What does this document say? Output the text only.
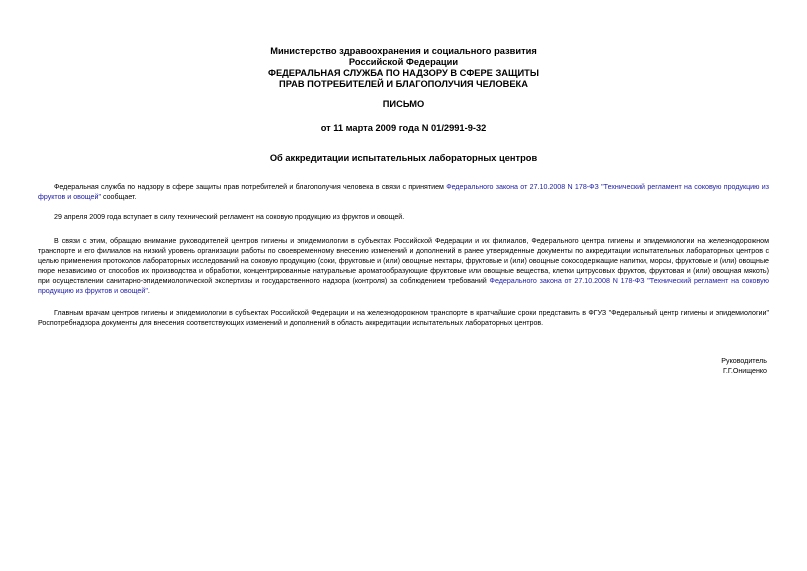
Министерство здравоохранения и социального развития
Российской Федерации
ФЕДЕРАЛЬНАЯ СЛУЖБА ПО НАДЗОРУ В СФЕРЕ ЗАЩИТЫ
ПРАВ ПОТРЕБИТЕЛЕЙ И БЛАГОПОЛУЧИЯ ЧЕЛОВЕКА
ПИСЬМО
от 11 марта 2009 года N 01/2991-9-32
Об аккредитации испытательных лабораторных центров

Федеральная служба по надзору в сфере защиты прав потребителей и благополучия человека в связи с принятием Федерального закона от 27.10.2008 N 178-ФЗ "Технический регламент на соковую продукцию из фруктов и овощей" сообщает.

29 апреля 2009 года вступает в силу технический регламент на соковую продукцию из фруктов и овощей.

В связи с этим, обращаю внимание руководителей центров гигиены и эпидемиологии в субъектах Российской Федерации и их филиалов, Федерального центра гигиены и эпидемиологии на железнодорожном транспорте и его филиалов на низкий уровень организации работы по своевременному внесению изменений и дополнений в ранее утвержденные документы по аккредитации испытательных лабораторных центров с целью применения протоколов лабораторных исследований на соковую продукцию (соки, фруктовые и (или) овощные нектары, фруктовые и (или) овощные сокосодержащие напитки, морсы, фруктовые и (или) овощные пюре независимо от способов их производства и обработки, концентрированные натуральные ароматообразующие фруктовые или овощные вещества, клетки цитрусовых фруктов, фруктовая и (или) овощная мякоть) при осуществлении санитарно-эпидемиологической экспертизы и государственного надзора (контроля) за соблюдением требований Федерального закона от 27.10.2008 N 178-ФЗ "Технический регламент на соковую продукцию из фруктов и овощей".

Главным врачам центров гигиены и эпидемиологии в субъектах Российской Федерации и на железнодорожном транспорте в кратчайшие сроки представить в ФГУЗ "Федеральный центр гигиены и эпидемиологии" Роспотребнадзора документы для внесения соответствующих изменений и дополнений в область аккредитации испытательных лабораторных центров.

Руководитель
Г.Г.Онищенко
